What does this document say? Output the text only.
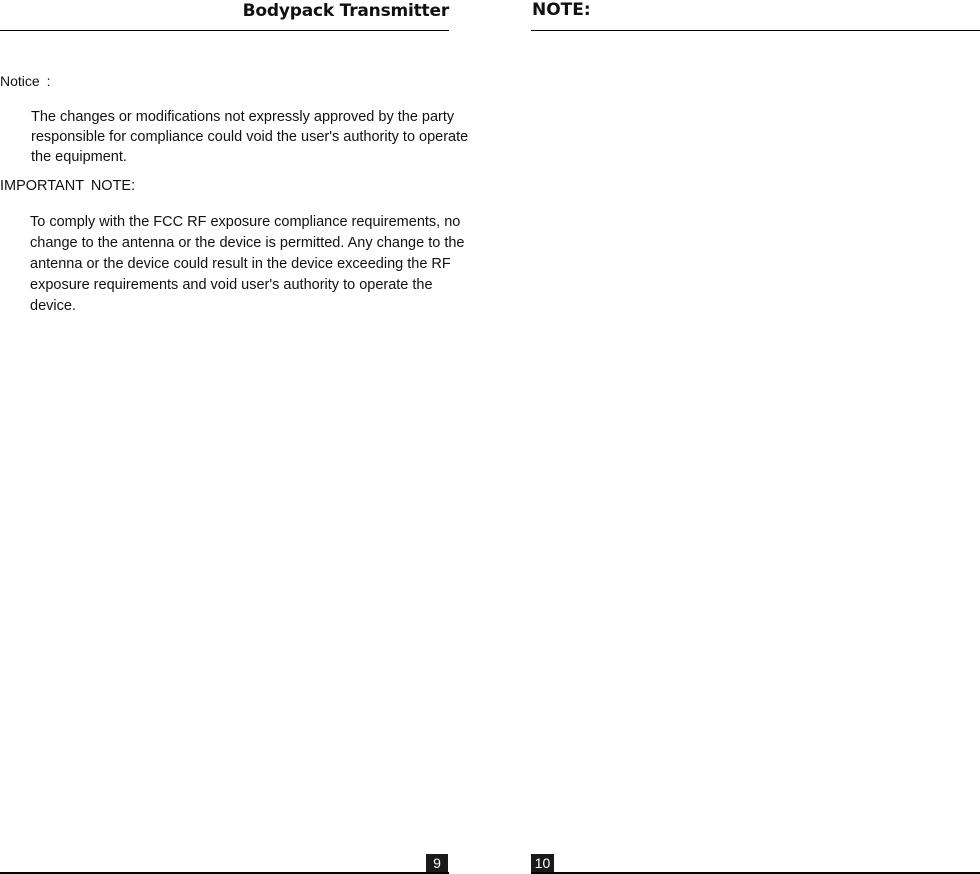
Bodypack Transmitter
Notice :

The changes or modifications not expressly approved by the party responsible for compliance could void the user's authority to operate the equipment.

IMPORTANT NOTE:

To comply with the FCC RF exposure compliance requirements, no change to the antenna or the device is permitted. Any change to the antenna or the device could result in the device exceeding the RF exposure requirements and void user's authority to operate the device.

9
NOTE:
10
